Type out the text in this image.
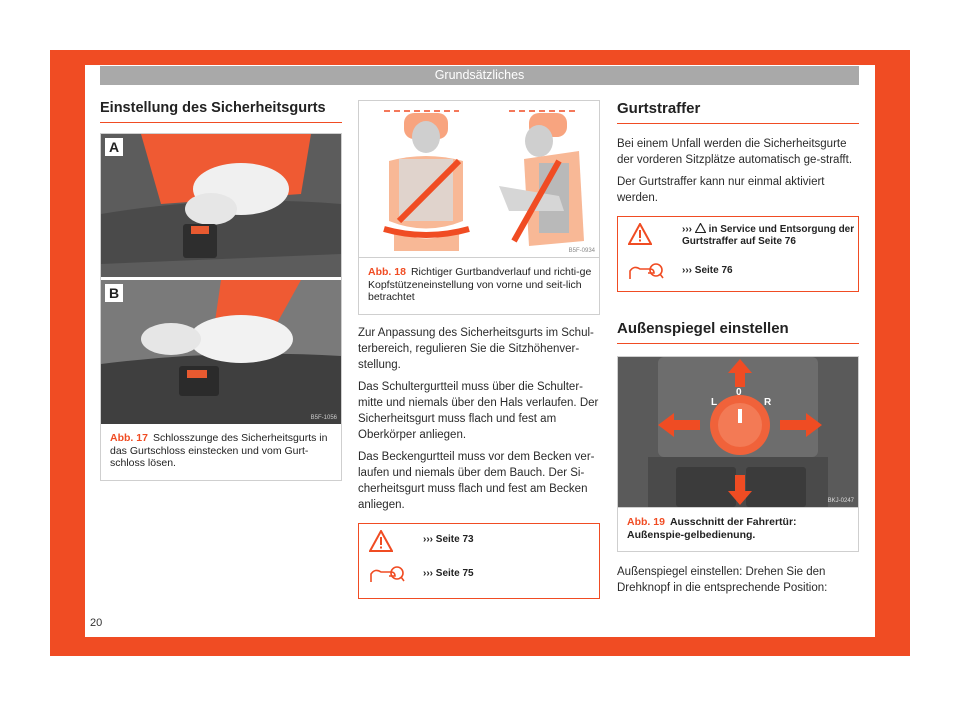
Grundsätzliches
Einstellung des Sicherheitsgurts
A
B
B5F-1056
Abb. 17 Schlosszunge des Sicherheitsgurts in das Gurtschloss einstecken und vom Gurt-schloss lösen.
B5F-0934
Abb. 18 Richtiger Gurtbandverlauf und richti-ge Kopfstützeneinstellung von vorne und seit-lich betrachtet

Zur Anpassung des Sicherheitsgurts im Schul-terbereich, regulieren Sie die Sitzhöhenver-stellung.

Das Schultergurtteil muss über die Schulter-mitte und niemals über den Hals verlaufen. Der Sicherheitsgurt muss flach und fest am Oberkörper anliegen.

Das Beckengurtteil muss vor dem Becken ver-laufen und niemals über dem Bauch. Der Si-cherheitsgurt muss flach und fest am Becken anliegen.

››› Seite 73
››› Seite 75
Gurtstraffer

Bei einem Unfall werden die Sicherheitsgurte der vorderen Sitzplätze automatisch ge-strafft.

Der Gurtstraffer kann nur einmal aktiviert werden.

››› in Service und Entsorgung der Gurtstraffer auf Seite 76
››› Seite 76
Außenspiegel einstellen
L
0
R
BKJ-0247
Abb. 19 Ausschnitt der Fahrertür: Außenspie-gelbedienung.

Außenspiegel einstellen: Drehen Sie den Drehknopf in die entsprechende Position:

20
